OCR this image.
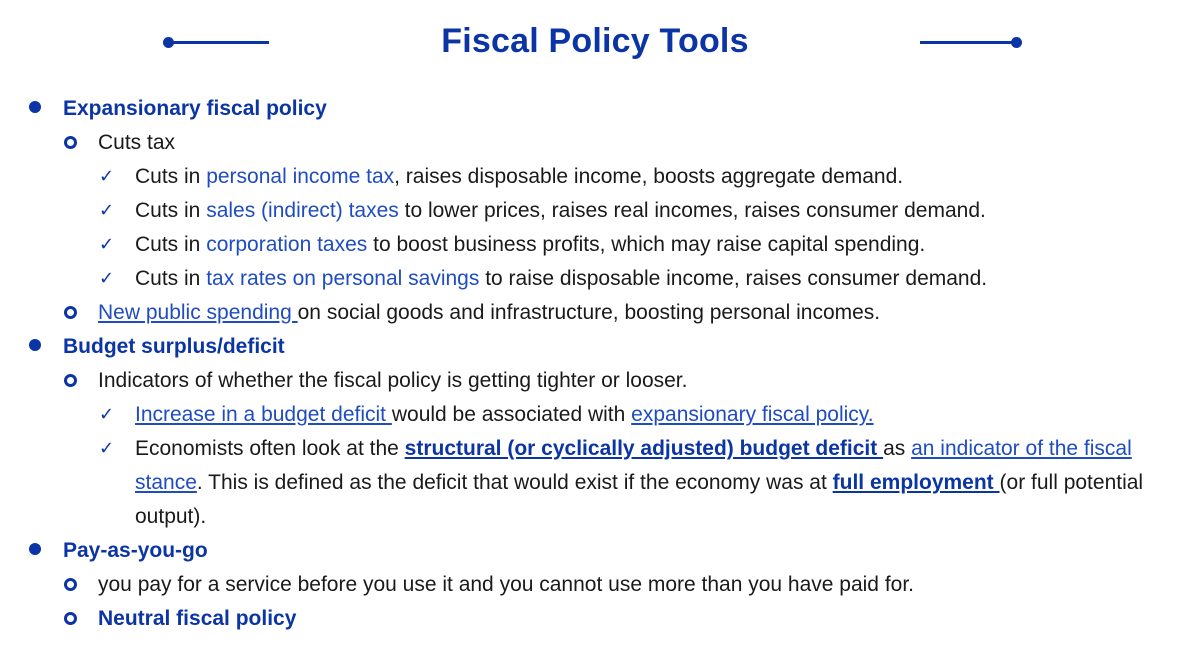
Fiscal Policy Tools
Expansionary fiscal policy
Cuts tax
✓ Cuts in personal income tax, raises disposable income, boosts aggregate demand.
✓ Cuts in sales (indirect) taxes to lower prices, raises real incomes, raises consumer demand.
✓ Cuts in corporation taxes to boost business profits, which may raise capital spending.
✓ Cuts in tax rates on personal savings to raise disposable income, raises consumer demand.
New public spending on social goods and infrastructure, boosting personal incomes.
Budget surplus/deficit
Indicators of whether the fiscal policy is getting tighter or looser.
✓ Increase in a budget deficit would be associated with expansionary fiscal policy.
✓ Economists often look at the structural (or cyclically adjusted) budget deficit as an indicator of the fiscal stance. This is defined as the deficit that would exist if the economy was at full employment (or full potential output).
Pay-as-you-go
you pay for a service before you use it and you cannot use more than you have paid for.
Neutral fiscal policy
